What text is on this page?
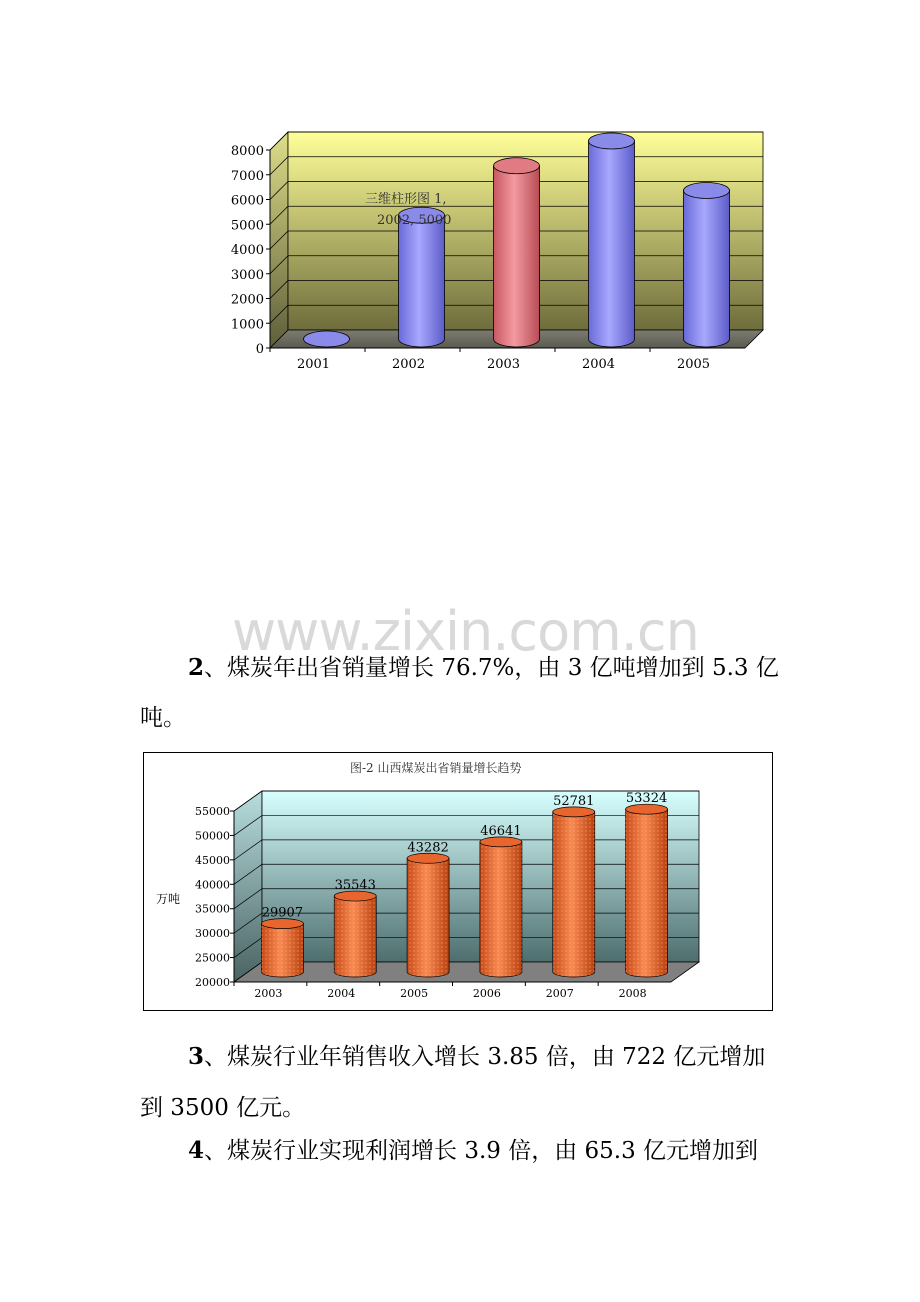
0
1000
2000
3000
4000
5000
6000
7000
8000
2001	2002	2003	2004	2005
三维柱形图 1,
2002, 5000
www.zixin.com.cn
2、煤炭年出省销量增长 76.7%，由 3 亿吨增加到 5.3 亿
吨。
图-2 山西煤炭出省销量增长趋势
万吨
20000
25000
30000
35000
40000
45000
50000
55000
2003	2004	2005	2006	2007	2008
29907
35543
43282
46641
52781 53324
3、煤炭行业年销售收入增长 3.85 倍，由 722 亿元增加
到 3500 亿元。
4、煤炭行业实现利润增长 3.9 倍，由 65.3 亿元增加到
